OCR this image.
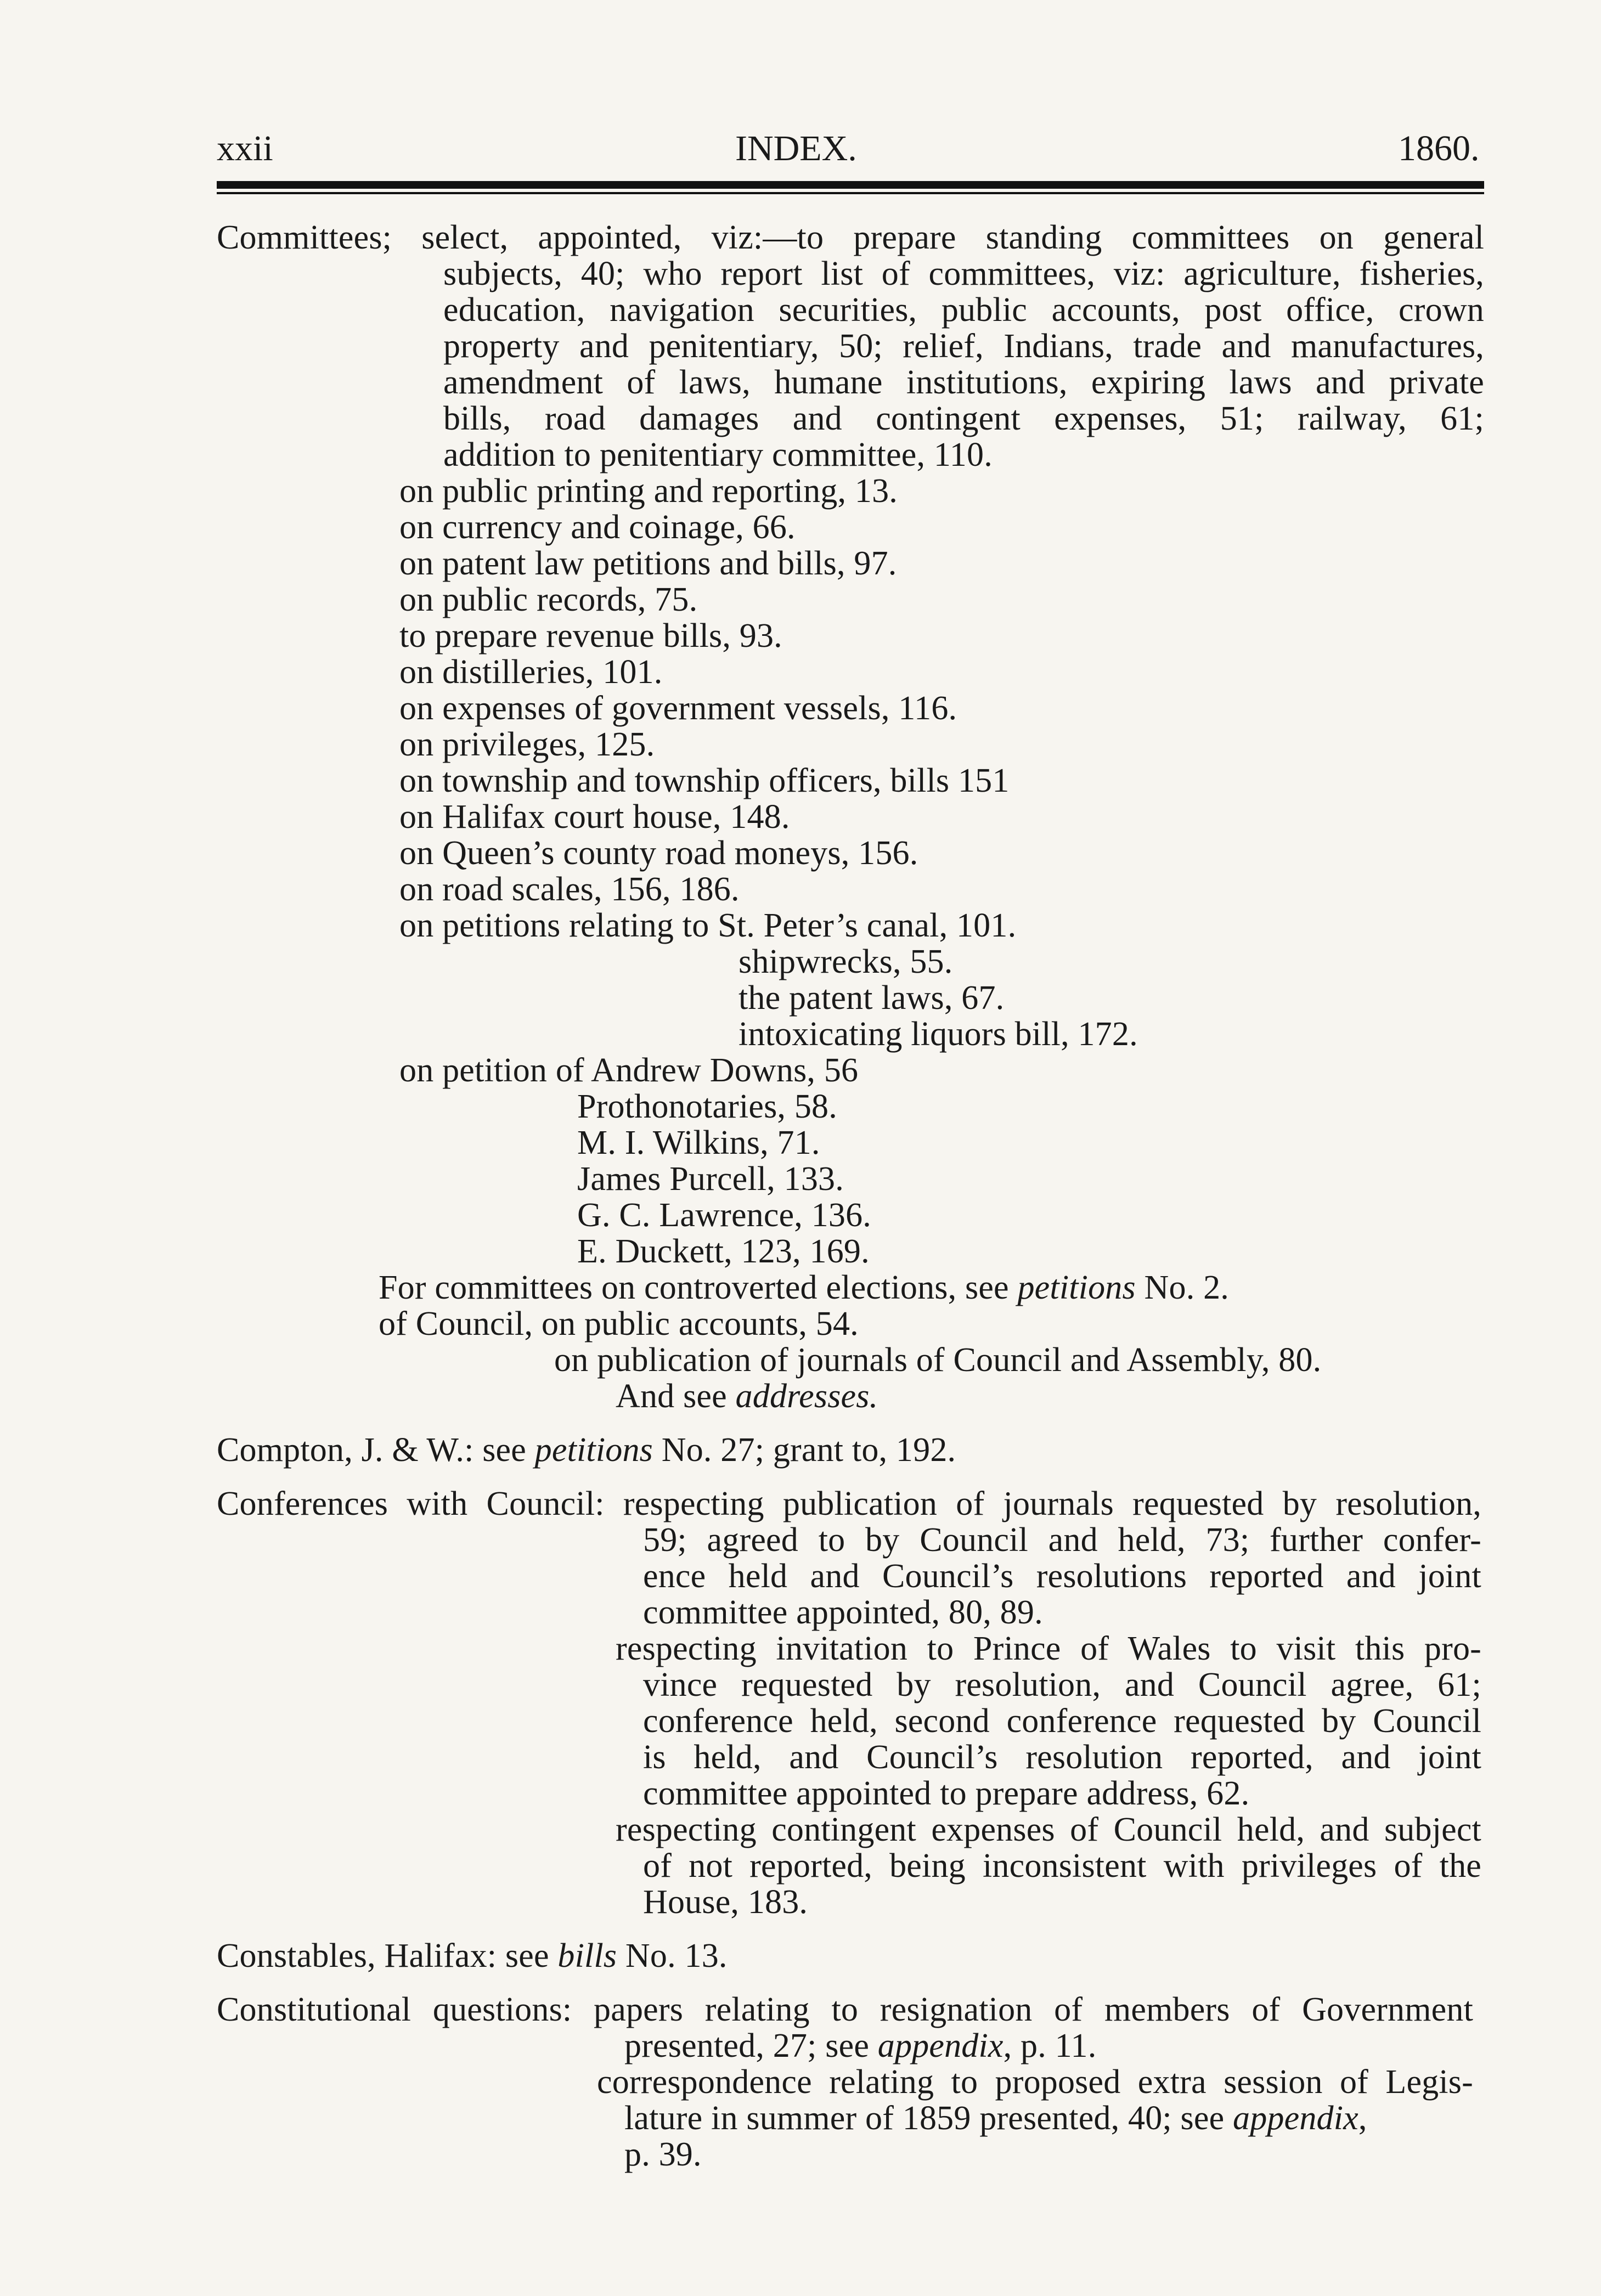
xxii	INDEX.	1860.
Committees; select, appointed, viz:—to prepare standing committees on general
subjects, 40; who report list of committees, viz: agriculture, fisheries,
education, navigation securities, public accounts, post office, crown
property and penitentiary, 50; relief, Indians, trade and manufactures,
amendment of laws, humane institutions, expiring laws and private
bills, road damages and contingent expenses, 51; railway, 61;
addition to penitentiary committee, 110.
on public printing and reporting, 13.
on currency and coinage, 66.
on patent law petitions and bills, 97.
on public records, 75.
to prepare revenue bills, 93.
on distilleries, 101.
on expenses of government vessels, 116.
on privileges, 125.
on township and township officers, bills 151
on Halifax court house, 148.
on Queen’s county road moneys, 156.
on road scales, 156, 186.
on petitions relating to St. Peter’s canal, 101.
shipwrecks, 55.
the patent laws, 67.
intoxicating liquors bill, 172.
on petition of Andrew Downs, 56
Prothonotaries, 58.
M. I. Wilkins, 71.
James Purcell, 133.
G. C. Lawrence, 136.
E. Duckett, 123, 169.
For committees on controverted elections, see petitions No. 2.
of Council, on public accounts, 54.
on publication of journals of Council and Assembly, 80.
And see addresses.
Compton, J. & W.: see petitions No. 27; grant to, 192.
Conferences with Council: respecting publication of journals requested by resolution,
59; agreed to by Council and held, 73; further confer-
ence held and Council’s resolutions reported and joint
committee appointed, 80, 89.
respecting invitation to Prince of Wales to visit this pro-
vince requested by resolution, and Council agree, 61;
conference held, second conference requested by Council
is held, and Council’s resolution reported, and joint
committee appointed to prepare address, 62.
respecting contingent expenses of Council held, and subject
of not reported, being inconsistent with privileges of the
House, 183.
Constables, Halifax: see bills No. 13.
Constitutional questions: papers relating to resignation of members of Government
presented, 27; see appendix, p. 11.
correspondence relating to proposed extra session of Legis-
lature in summer of 1859 presented, 40; see appendix,
p. 39.
